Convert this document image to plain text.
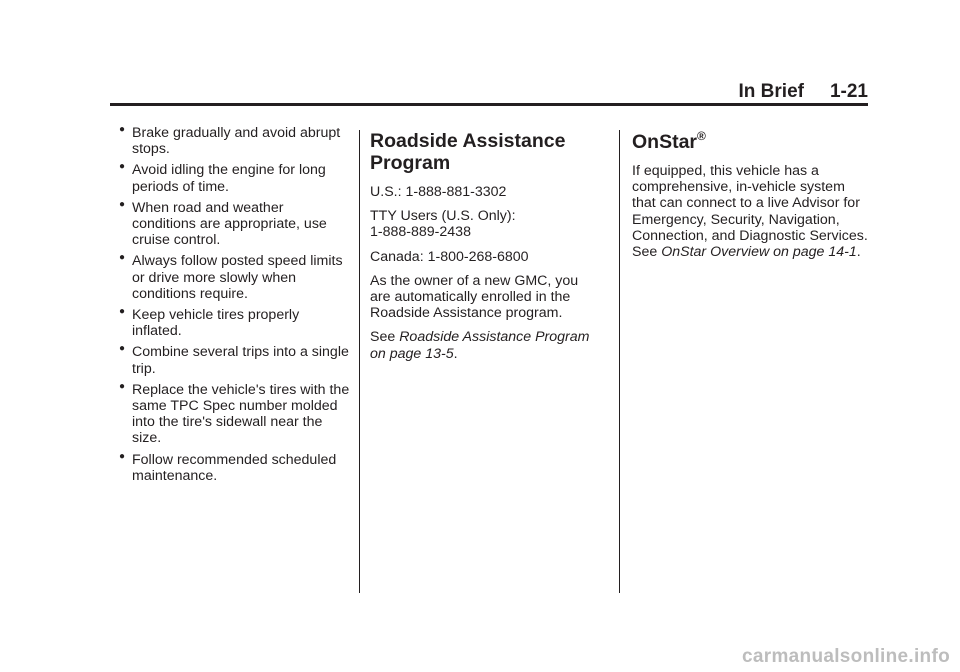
In Brief 1-21
● Brake gradually and avoid abrupt stops.
● Avoid idling the engine for long periods of time.
● When road and weather conditions are appropriate, use cruise control.
● Always follow posted speed limits or drive more slowly when conditions require.
● Keep vehicle tires properly inflated.
● Combine several trips into a single trip.
● Replace the vehicle's tires with the same TPC Spec number molded into the tire's sidewall near the size.
● Follow recommended scheduled maintenance.
Roadside Assistance Program

U.S.: 1-888-881-3302

TTY Users (U.S. Only):
1-888-889-2438

Canada: 1-800-268-6800

As the owner of a new GMC, you are automatically enrolled in the Roadside Assistance program.

See Roadside Assistance Program on page 13-5.

OnStar®

If equipped, this vehicle has a comprehensive, in-vehicle system that can connect to a live Advisor for Emergency, Security, Navigation, Connection, and Diagnostic Services. See OnStar Overview on page 14-1.

carmanualsonline.info
